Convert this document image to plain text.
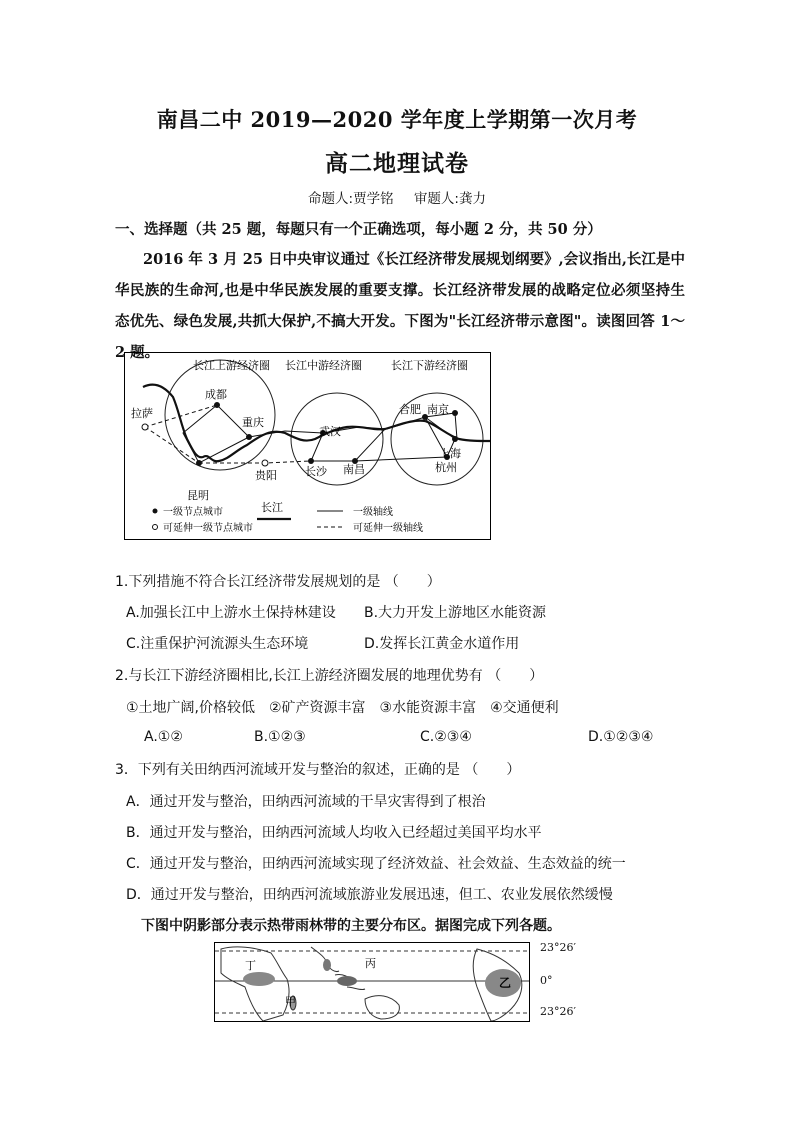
南昌二中 2019—2020 学年度上学期第一次月考
高二地理试卷
命题人:贾学铭 审题人:龚力
一、选择题（共 25 题，每题只有一个正确选项，每小题 2 分，共 50 分）
2016 年 3 月 25 日中央审议通过《长江经济带发展规划纲要》,会议指出,长江是中华民族的生命河,也是中华民族发展的重要支撑。长江经济带发展的战略定位必须坚持生态优先、绿色发展,共抓大保护,不搞大开发。下图为"长江经济带示意图"。读图回答 1～2 题。
长江上游经济圈 长江中游经济圈	长江下游经济圈
拉萨
成都
重庆
昆明
贵阳
武汉
长沙 南昌
合肥 南京
上海
杭州
一级节点城市
可延伸一级节点城市
长江	一级轴线
可延伸一级轴线
1.下列措施不符合长江经济带发展规划的是 （　　）
A.加强长江中上游水土保持林建设 B.大力开发上游地区水能资源
C.注重保护河流源头生态环境	D.发挥长江黄金水道作用
2.与长江下游经济圈相比,长江上游经济圈发展的地理优势有 （　　）
①土地广阔,价格较低　②矿产资源丰富　③水能资源丰富　④交通便利
A.①②	B.①②③	C.②③④	D.①②③④
3．下列有关田纳西河流域开发与整治的叙述，正确的是 （　　）
A．通过开发与整治，田纳西河流域的干旱灾害得到了根治
B．通过开发与整治，田纳西河流域人均收入已经超过美国平均水平
C．通过开发与整治，田纳西河流域实现了经济效益、社会效益、生态效益的统一
D．通过开发与整治，田纳西河流域旅游业发展迅速，但工、农业发展依然缓慢
下图中阴影部分表示热带雨林带的主要分布区。据图完成下列各题。
丁	丙
甲
乙
23°26′
0°
23°26′
